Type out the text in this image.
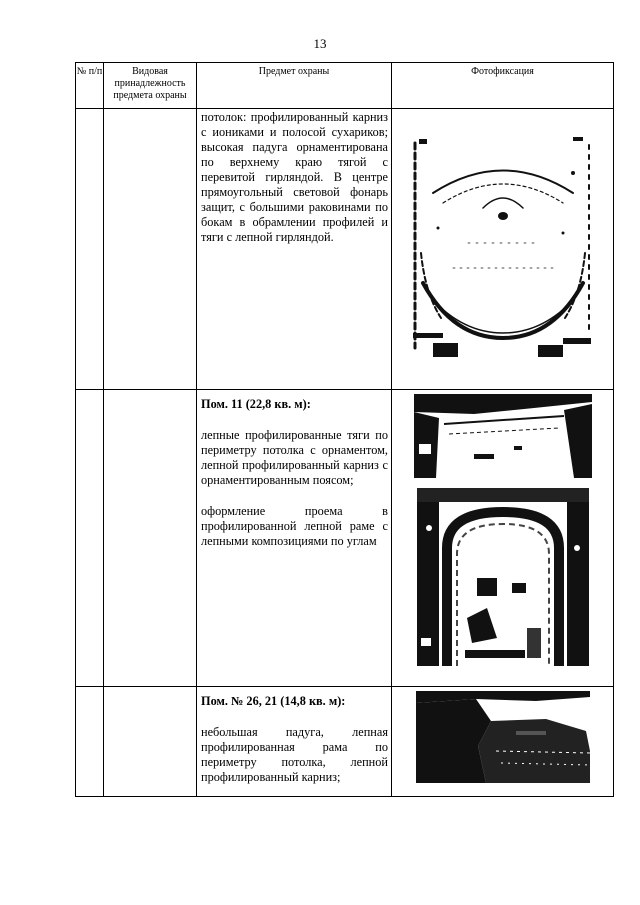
13
№ п/п	Видовая принадлежность предмета охраны	Предмет охраны	Фотофиксация

		потолок: профилированный карниз с иониками и полосой сухариков; высокая падуга орнаментирована по верхнему краю тягой с перевитой гирляндой. В центре прямоугольный световой фонарь защит, с большими раковинами по бокам в обрамлении профилей и тяги с лепной гирляндой.

		Пом. 11 (22,8 кв. м):

лепные профилированные тяги по периметру потолка с орнаментом, лепной профилированный карниз с орнаментированным поясом;

оформление проема в профилированной лепной раме с лепными композициями по углам

		Пом. № 26, 21 (14,8 кв. м):

небольшая падуга, лепная профилированная рама по периметру потолка, лепной профилированный карниз;
